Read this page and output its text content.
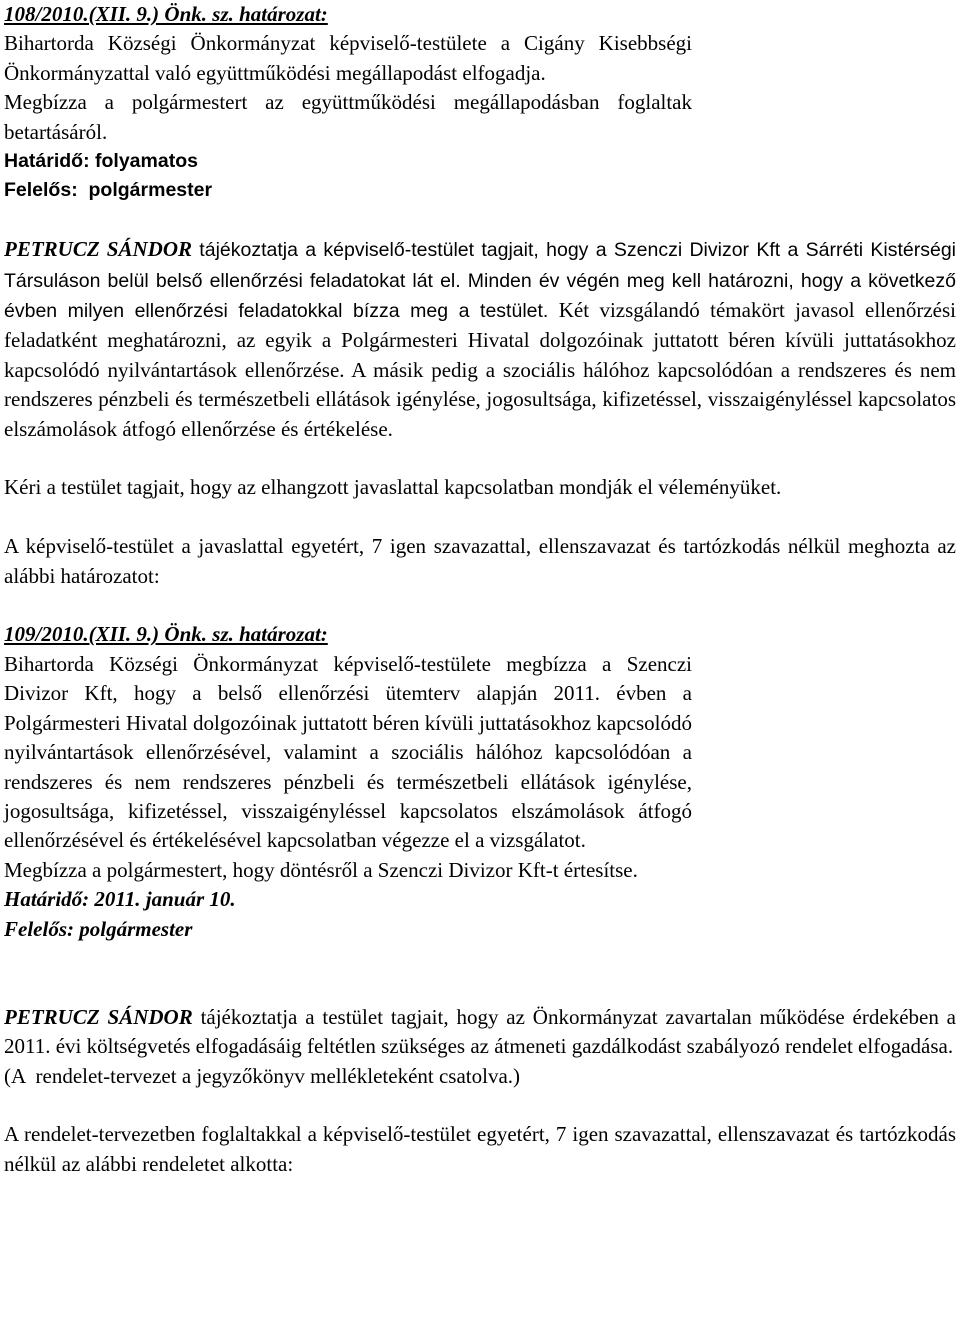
108/2010.(XII. 9.) Önk. sz. határozat:

Bihartorda Községi Önkormányzat képviselő-testülete a Cigány Kisebbségi Önkormányzattal való együttműködési megállapodást elfogadja.

Megbízza a polgármestert az együttműködési megállapodásban foglaltak betartásáról.

Határidő: folyamatos

Felelős:  polgármester

PETRUCZ SÁNDOR tájékoztatja a képviselő-testület tagjait, hogy a Szenczi Divizor Kft a Sárréti Kistérségi Társuláson belül belső ellenőrzési feladatokat lát el. Minden év végén meg kell határozni, hogy a következő évben milyen ellenőrzési feladatokkal bízza meg a testület. Két vizsgálandó témakört javasol ellenőrzési feladatként meghatározni, az egyik a Polgármesteri Hivatal dolgozóinak juttatott béren kívüli juttatásokhoz kapcsolódó nyilvántartások ellenőrzése. A másik pedig a szociális hálóhoz kapcsolódóan a rendszeres és nem rendszeres pénzbeli és természetbeli ellátások igénylése, jogosultsága, kifizetéssel, visszaigényléssel kapcsolatos elszámolások átfogó ellenőrzése és értékelése.

Kéri a testület tagjait, hogy az elhangzott javaslattal kapcsolatban mondják el véleményüket.

A képviselő-testület a javaslattal egyetért, 7 igen szavazattal, ellenszavazat és tartózkodás nélkül meghozta az alábbi határozatot:

109/2010.(XII. 9.) Önk. sz. határozat:

Bihartorda Községi Önkormányzat képviselő-testülete megbízza a Szenczi Divizor Kft, hogy a belső ellenőrzési ütemterv alapján 2011. évben a Polgármesteri Hivatal dolgozóinak juttatott béren kívüli juttatásokhoz kapcsolódó nyilvántartások ellenőrzésével, valamint a szociális hálóhoz kapcsolódóan a rendszeres és nem rendszeres pénzbeli és természetbeli ellátások igénylése, jogosultsága, kifizetéssel, visszaigényléssel kapcsolatos elszámolások átfogó ellenőrzésével és értékelésével kapcsolatban végezze el a vizsgálatot.

Megbízza a polgármestert, hogy döntésről a Szenczi Divizor Kft-t értesítse.

Határidő: 2011. január 10.

Felelős: polgármester

PETRUCZ SÁNDOR tájékoztatja a testület tagjait, hogy az Önkormányzat zavartalan működése érdekében a 2011. évi költségvetés elfogadásáig feltétlen szükséges az átmeneti gazdálkodást szabályozó rendelet elfogadása.

(A  rendelet-tervezet a jegyzőkönyv mellékleteként csatolva.)

A rendelet-tervezetben foglaltakkal a képviselő-testület egyetért, 7 igen szavazattal, ellenszavazat és tartózkodás nélkül az alábbi rendeletet alkotta:
